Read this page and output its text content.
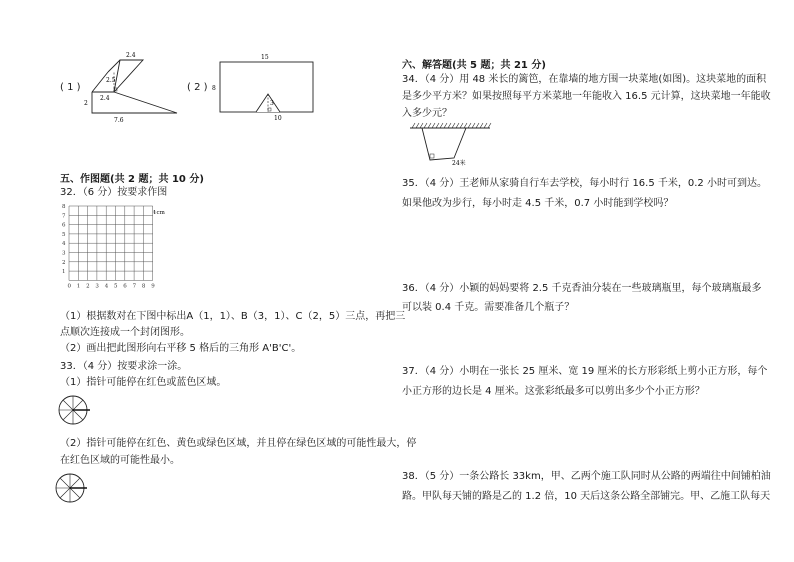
( 1 )
2.4
2.5
2
2.4
7.6
( 2 )
15
8
3
10
五、作图题(共 2 题；共 10 分)
32．（6 分）按要求作图
0 1 2 3 4 5 6 7 8 9
1
2
3
4
5
6
7
8
1cm
（1）根据数对在下图中标出A（1，1）、B（3，1）、C（2，5）三点，再把三
点顺次连接成一个封闭图形。
（2）画出把此图形向右平移 5 格后的三角形 A'B'C'。
33．（4 分）按要求涂一涂。
（1）指针可能停在红色或蓝色区域。
（2）指针可能停在红色、黄色或绿色区域，并且停在绿色区域的可能性最大，停
在红色区域的可能性最小。
六、解答题(共 5 题；共 21 分)
34．（4 分）用 48 米长的篱笆，在靠墙的地方围一块菜地(如图)。这块菜地的面积
是多少平方米？如果按照每平方米菜地一年能收入 16.5 元计算，这块菜地一年能收
入多少元？
24米
35．（4 分）王老师从家骑自行车去学校，每小时行 16.5 千米，0.2 小时可到达。
如果他改为步行，每小时走 4.5 千米，0.7 小时能到学校吗？
36．（4 分）小颖的妈妈要将 2.5 千克香油分装在一些玻璃瓶里，每个玻璃瓶最多
可以装 0.4 千克。需要准备几个瓶子？
37．（4 分）小明在一张长 25 厘米、宽 19 厘米的长方形彩纸上剪小正方形，每个
小正方形的边长是 4 厘米。这张彩纸最多可以剪出多少个小正方形？
38．（5 分）一条公路长 33km，甲、乙两个施工队同时从公路的两端往中间铺柏油
路。甲队每天铺的路是乙的 1.2 倍，10 天后这条公路全部铺完。甲、乙施工队每天
